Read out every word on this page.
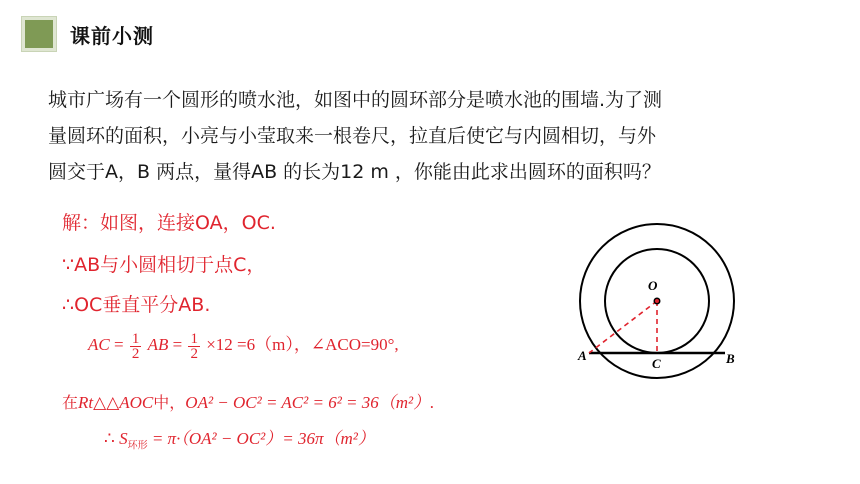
课前小测

城市广场有一个圆形的喷水池，如图中的圆环部分是喷水池的围墙.为了测

量圆环的面积，小亮与小莹取来一根卷尺，拉直后使它与内圆相切，与外

圆交于A，B 两点，量得AB 的长为12 m ，你能由此求出圆环的面积吗？

解：如图，连接OA，OC.
∵AB与小圆相切于点C，
∴OC垂直平分AB.
AC = $\frac{1}{2}$ AB = $\frac{1}{2} \times 12 =6(m)$，∠ACO=90°,
在Rt△△AOC中，OA² − OC² = AC² = 6² = 36（m²）.
∴ $S_{环形} = \pi\cdot(OA^2 - OC^2)= 36\pi(m^2)$
O
A	B
C
